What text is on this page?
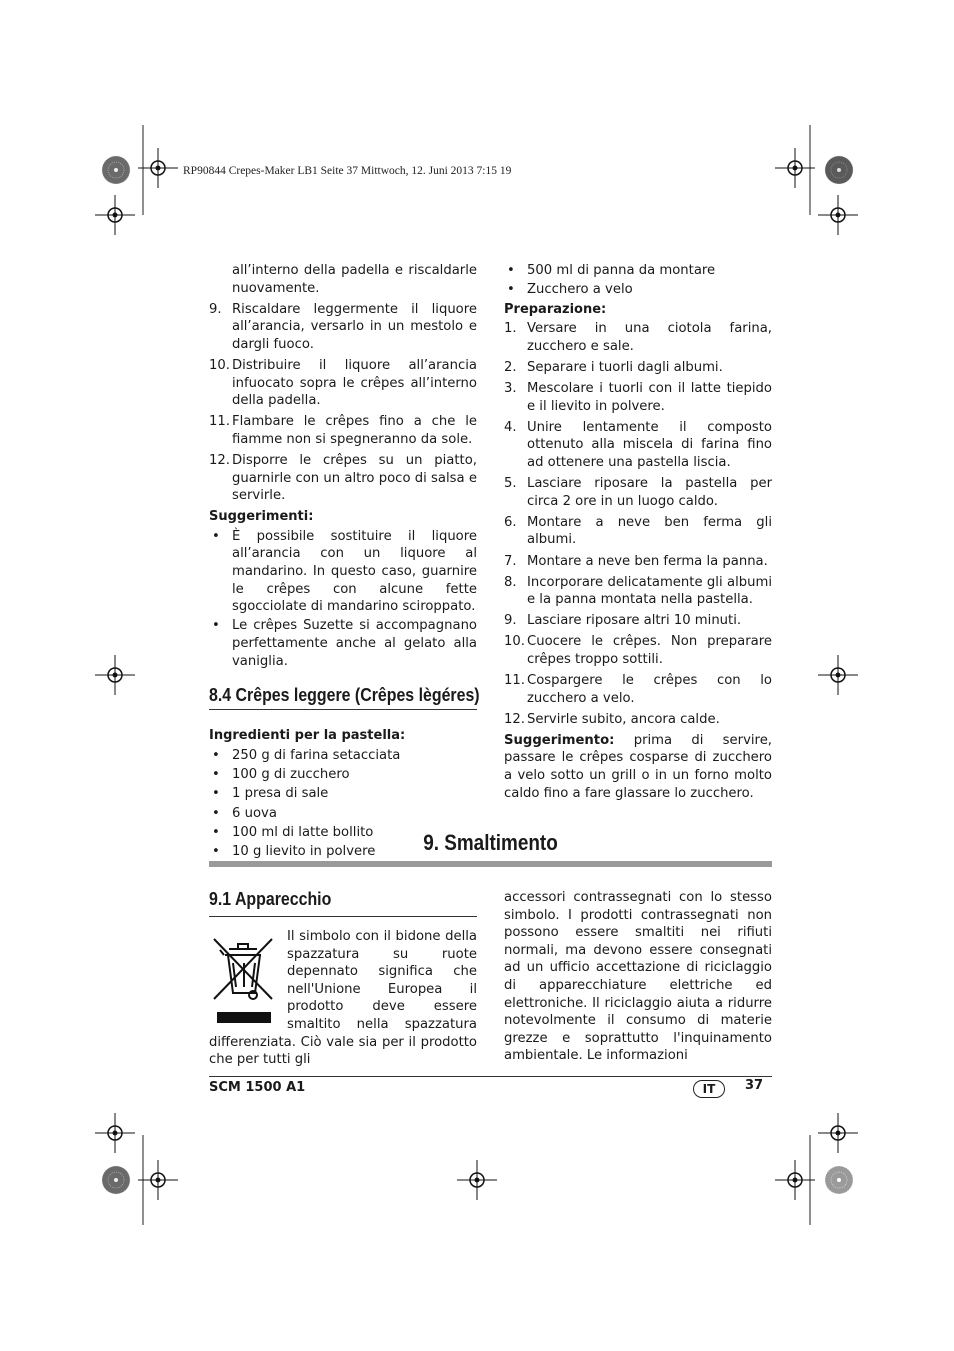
RP90844 Crepes-Maker LB1 Seite 37 Mittwoch, 12. Juni 2013 7:15 19

all’interno della padella e riscaldarle nuovamente.

9. Riscaldare leggermente il liquore all’arancia, versarlo in un mestolo e dargli fuoco.
10. Distribuire il liquore all’arancia infuocato sopra le crêpes all’interno della padella.
11. Flambare le crêpes fino a che le fiamme non si spegneranno da sole.
12. Disporre le crêpes su un piatto, guarnirle con un altro poco di salsa e servirle.
Suggerimenti:
• È possibile sostituire il liquore all’arancia con un liquore al mandarino. In questo caso, guarnire le crêpes con alcune fette sgocciolate di mandarino sciroppato.
• Le crêpes Suzette si accompagnano perfettamente anche al gelato alla vaniglia.
8.4 Crêpes leggere (Crêpes lègéres)
Ingredienti per la pastella:
• 250 g di farina setacciata
• 100 g di zucchero
• 1 presa di sale
• 6 uova
• 100 ml di latte bollito
• 10 g lievito in polvere
• 500 ml di panna da montare
• Zucchero a velo
Preparazione:
1. Versare in una ciotola farina, zucchero e sale.
2. Separare i tuorli dagli albumi.
3. Mescolare i tuorli con il latte tiepido e il lievito in polvere.
4. Unire lentamente il composto ottenuto alla miscela di farina fino ad ottenere una pastella liscia.
5. Lasciare riposare la pastella per circa 2 ore in un luogo caldo.
6. Montare a neve ben ferma gli albumi.
7. Montare a neve ben ferma la panna.
8. Incorporare delicatamente gli albumi e la panna montata nella pastella.
9. Lasciare riposare altri 10 minuti.
10. Cuocere le crêpes. Non preparare crêpes troppo sottili.
11. Cospargere le crêpes con lo zucchero a velo.
12. Servirle subito, ancora calde.

Suggerimento: prima di servire, passare le crêpes cosparse di zucchero a velo sotto un grill o in un forno molto caldo fino a fare glassare lo zucchero.

9. Smaltimento
9.1 Apparecchio
Il simbolo con il bidone della spazzatura su ruote depennato significa che nell'Unione Europea il prodotto deve essere smaltito nella spazzatura differenziata. Ciò vale sia per il prodotto che per tutti gli
accessori contrassegnati con lo stesso simbolo. I prodotti contrassegnati non possono essere smaltiti nei rifiuti normali, ma devono essere consegnati ad un ufficio accettazione di riciclaggio di apparecchiature elettriche ed elettroniche. Il riciclaggio aiuta a ridurre notevolmente il consumo di materie grezze e soprattutto l'inquinamento ambientale. Le informazioni
SCM 1500 A1	IT	37
